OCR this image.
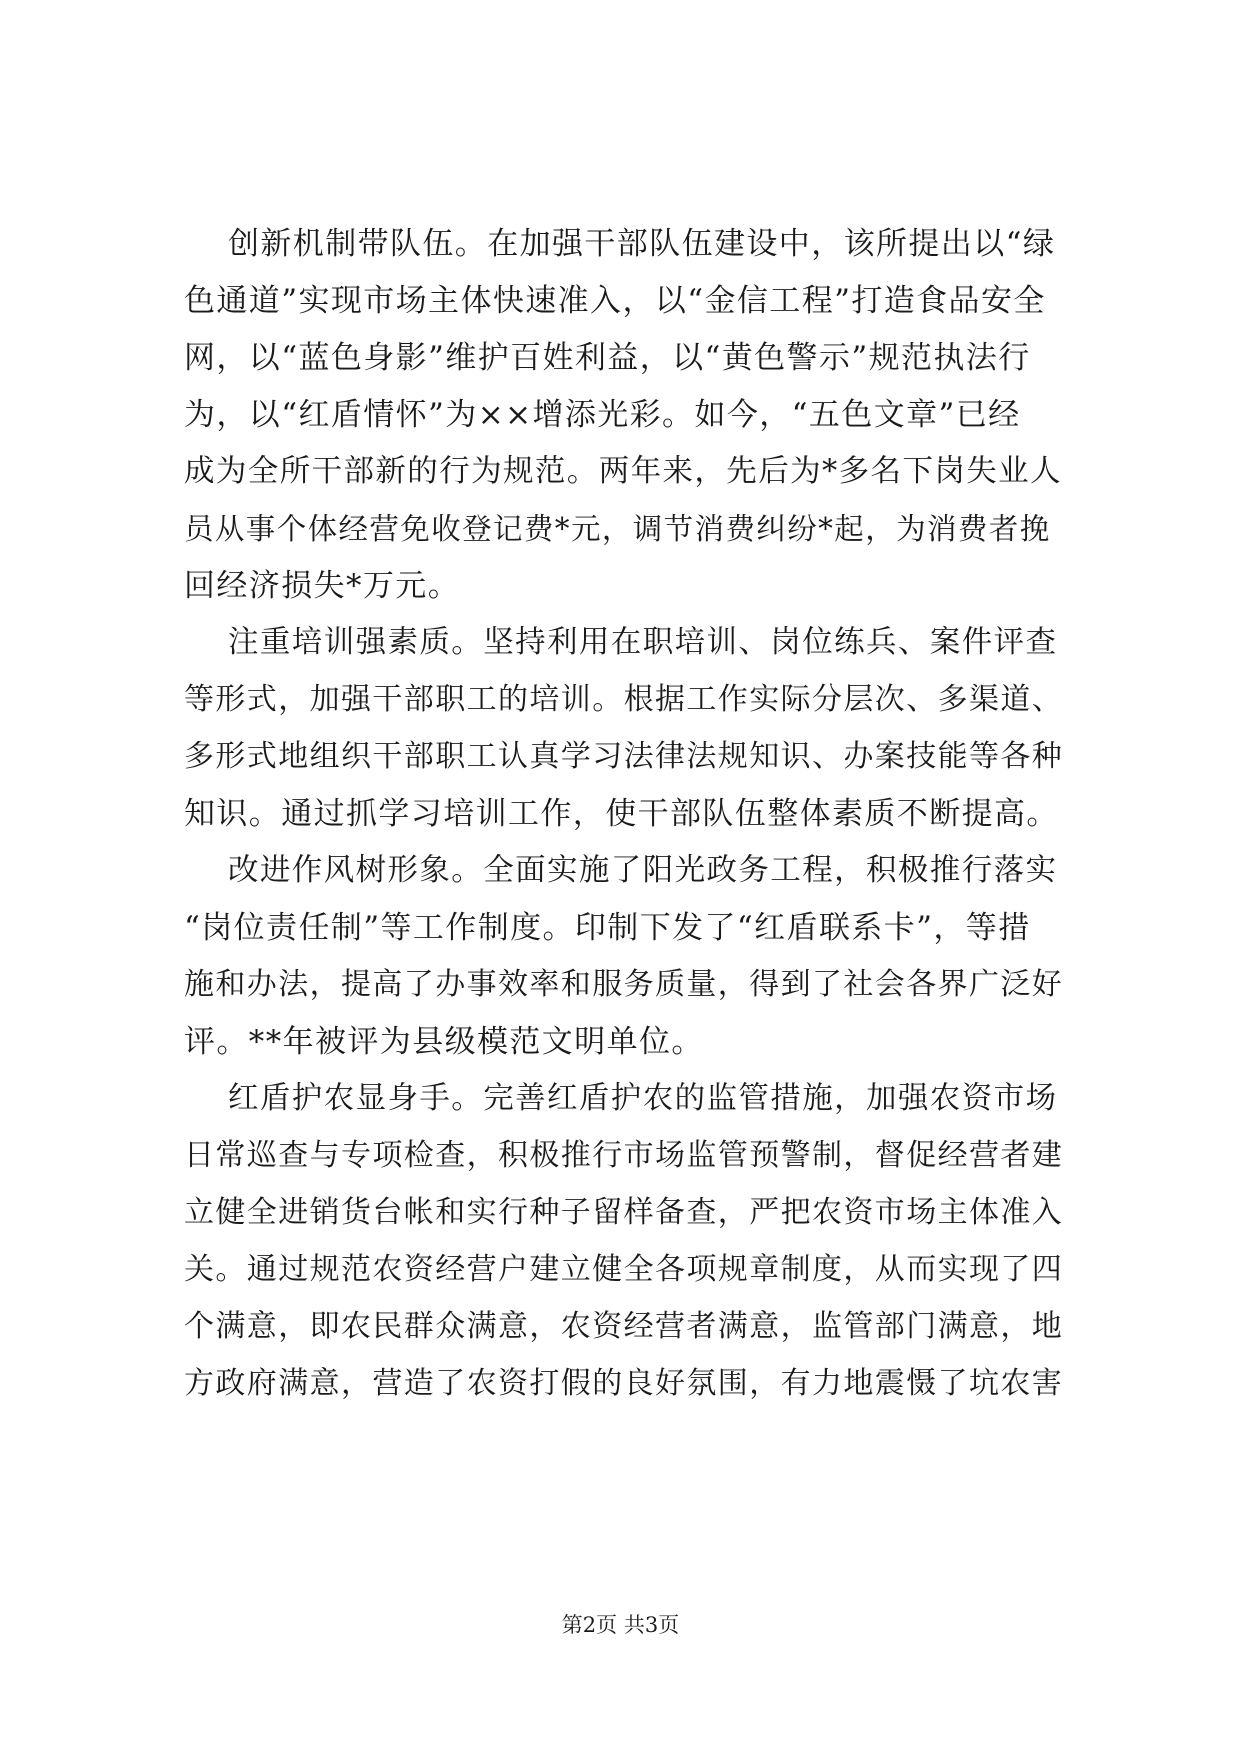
创新机制带队伍。在加强干部队伍建设中，该所提出以“绿
色通道”实现市场主体快速准入，以“金信工程”打造食品安全
网，以“蓝色身影”维护百姓利益，以“黄色警示”规范执法行
为，以“红盾情怀”为××增添光彩。如今，“五色文章”已经
成为全所干部新的行为规范。两年来，先后为*多名下岗失业人
员从事个体经营免收登记费*元，调节消费纠纷*起，为消费者挽
回经济损失*万元。
注重培训强素质。坚持利用在职培训、岗位练兵、案件评查
等形式，加强干部职工的培训。根据工作实际分层次、多渠道、
多形式地组织干部职工认真学习法律法规知识、办案技能等各种
知识。通过抓学习培训工作，使干部队伍整体素质不断提高。
改进作风树形象。全面实施了阳光政务工程，积极推行落实
“岗位责任制”等工作制度。印制下发了“红盾联系卡”，等措
施和办法，提高了办事效率和服务质量，得到了社会各界广泛好
评。**年被评为县级模范文明单位。
红盾护农显身手。完善红盾护农的监管措施，加强农资市场
日常巡查与专项检查，积极推行市场监管预警制，督促经营者建
立健全进销货台帐和实行种子留样备查，严把农资市场主体准入
关。通过规范农资经营户建立健全各项规章制度，从而实现了四
个满意，即农民群众满意，农资经营者满意，监管部门满意，地
方政府满意，营造了农资打假的良好氛围，有力地震慑了坑农害
第2页 共3页
